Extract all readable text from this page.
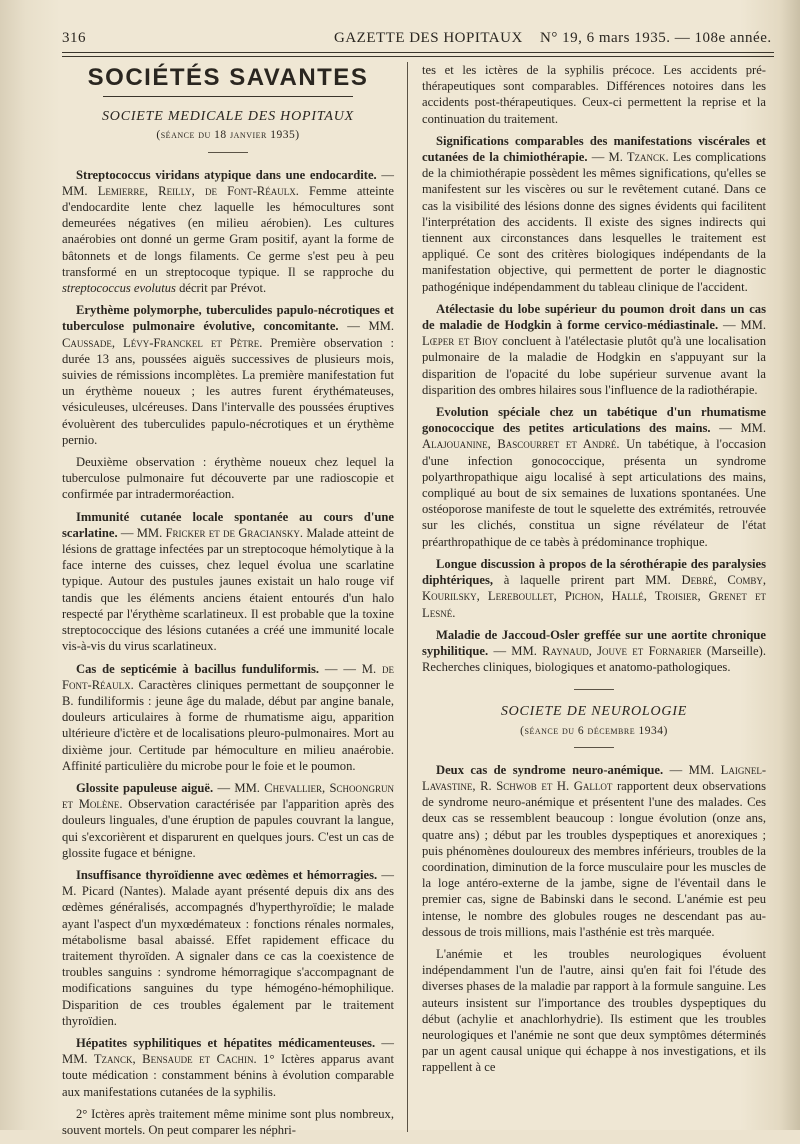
316	GAZETTE DES HOPITAUX N° 19, 6 mars 1935. — 108e année.
SOCIÉTÉS SAVANTES
SOCIETE MEDICALE DES HOPITAUX
(séance du 18 janvier 1935)

Streptococcus viridans atypique dans une endocardite. — MM. Lemierre, Reilly, de Font-Réaulx. Femme atteinte d'endocardite lente chez laquelle les hémocultures sont demeurées négatives (en milieu aérobien). Les cultures anaérobies ont donné un germe Gram positif, ayant la forme de bâtonnets et de longs filaments. Ce germe s'est peu à peu transformé en un streptocoque typique. Il se rapproche du streptococcus evolutus décrit par Prévot.

Erythème polymorphe, tuberculides papulo-nécrotiques et tuberculose pulmonaire évolutive, concomitante. — MM. Caussade, Lévy-Franckel et Pètre. Première observation : durée 13 ans, poussées aiguës successives de plusieurs mois, suivies de rémissions incomplètes. La première manifestation fut un érythème noueux ; les autres furent érythémateuses, vésiculeuses, ulcéreuses. Dans l'intervalle des poussées éruptives évoluèrent des tuberculides papulo-nécrotiques et un érythème pernio.

Deuxième observation : érythème noueux chez lequel la tuberculose pulmonaire fut découverte par une radioscopie et confirmée par intradermoréaction.

Immunité cutanée locale spontanée au cours d'une scarlatine. — MM. Fricker et de Graciansky. Malade atteint de lésions de grattage infectées par un streptocoque hémolytique à la face interne des cuisses, chez lequel évolua une scarlatine typique. Autour des pustules jaunes existait un halo rouge vif tandis que les éléments anciens étaient entourés d'un halo respecté par l'érythème scarlatineux. Il est probable que la toxine streptococcique des lésions cutanées a créé une immunité locale vis-à-vis du virus scarlatineux.

Cas de septicémie à bacillus funduliformis. — — M. de Font-Réaulx. Caractères cliniques permettant de soupçonner le B. fundiliformis : jeune âge du malade, début par angine banale, douleurs articulaires à forme de rhumatisme aigu, apparition ultérieure d'ictère et de localisations pleuro-pulmonaires. Mort au dixième jour. Certitude par hémoculture en milieu anaérobie. Affinité particulière du microbe pour le foie et le poumon.

Glossite papuleuse aiguë. — MM. Chevallier, Schoongrun et Molène. Observation caractérisée par l'apparition après des douleurs linguales, d'une éruption de papules couvrant la langue, qui s'excorièrent et disparurent en quelques jours. C'est un cas de glossite fugace et bénigne.

Insuffisance thyroïdienne avec œdèmes et hémorragies. — M. Picard (Nantes). Malade ayant présenté depuis dix ans des œdèmes généralisés, accompagnés d'hyperthyroïdie; le malade ayant l'aspect d'un myxœdémateux : fonctions rénales normales, métabolisme basal abaissé. Effet rapidement efficace du traitement thyroïden. A signaler dans ce cas la coexistence de troubles sanguins : syndrome hémorragique s'accompagnant de modifications sanguines du type hémogéno-hémophilique. Disparition de ces troubles également par le traitement thyroïdien.

Hépatites syphilitiques et hépatites médicamenteuses. — MM. Tzanck, Bensaude et Cachin. 1° Ictères apparus avant toute médication : constamment bénins à évolution comparable aux manifestations cutanées de la syphilis.

2° Ictères après traitement même minime sont plus nombreux, souvent mortels. On peut comparer les néphri-

tes et les ictères de la syphilis précoce. Les accidents pré-thérapeutiques sont comparables. Différences notoires dans les accidents post-thérapeutiques. Ceux-ci permettent la reprise et la continuation du traitement.

Significations comparables des manifestations viscérales et cutanées de la chimiothérapie. — M. Tzanck. Les complications de la chimiothérapie possèdent les mêmes significations, qu'elles se manifestent sur les viscères ou sur le revêtement cutané. Dans ce cas la visibilité des lésions donne des signes évidents qui facilitent l'interprétation des accidents. Il existe des signes indirects qui tiennent aux circonstances dans lesquelles le traitement est appliqué. Ce sont des critères biologiques indépendants de la manifestation objective, qui permettent de porter le diagnostic pathogénique indépendamment du tableau clinique de l'accident.

Atélectasie du lobe supérieur du poumon droit dans un cas de maladie de Hodgkin à forme cervico-médiastinale. — MM. Lœper et Bioy concluent à l'atélectasie plutôt qu'à une localisation pulmonaire de la maladie de Hodgkin en s'appuyant sur la disparition de l'opacité du lobe supérieur survenue avant la disparition des ombres hilaires sous l'influence de la radiothérapie.

Evolution spéciale chez un tabétique d'un rhumatisme gonococcique des petites articulations des mains. — MM. Alajouanine, Bascourret et André. Un tabétique, à l'occasion d'une infection gonococcique, présenta un syndrome polyarthropathique aigu localisé à sept articulations des mains, compliqué au bout de six semaines de luxations spontanées. Une ostéoporose manifeste de tout le squelette des extrémités, retrouvée sur les clichés, constitua un signe révélateur de l'état préarthropathique de ce tabès à prédominance trophique.

Longue discussion à propos de la sérothérapie des paralysies diphtériques, à laquelle prirent part MM. Debré, Comby, Kourilsky, Lereboullet, Pichon, Hallé, Troisier, Grenet et Lesné.

Maladie de Jaccoud-Osler greffée sur une aortite chronique syphilitique. — MM. Raynaud, Jouve et Fornarier (Marseille). Recherches cliniques, biologiques et anatomo-pathologiques.

SOCIETE DE NEUROLOGIE
(séance du 6 décembre 1934)

Deux cas de syndrome neuro-anémique. — MM. Laignel-Lavastine, R. Schwob et H. Gallot rapportent deux observations de syndrome neuro-anémique et présentent l'une des malades. Ces deux cas se ressemblent beaucoup : longue évolution (onze ans, quatre ans) ; début par les troubles dyspeptiques et anorexiques ; puis phénomènes douloureux des membres inférieurs, troubles de la coordination, diminution de la force musculaire pour les muscles de la loge antéro-externe de la jambe, signe de l'éventail dans le premier cas, signe de Babinski dans le second. L'anémie est peu intense, le nombre des globules rouges ne descendant pas au-dessous de trois millions, mais l'asthénie est très marquée.

L'anémie et les troubles neurologiques évoluent indépendamment l'un de l'autre, ainsi qu'en fait foi l'étude des diverses phases de la maladie par rapport à la formule sanguine. Les auteurs insistent sur l'importance des troubles dyspeptiques du début (achylie et anachlorhydrie). Ils estiment que les troubles neurologiques et l'anémie ne sont que deux symptômes déterminés par un agent causal unique qui échappe à nos investigations, et ils rappellent à ce
